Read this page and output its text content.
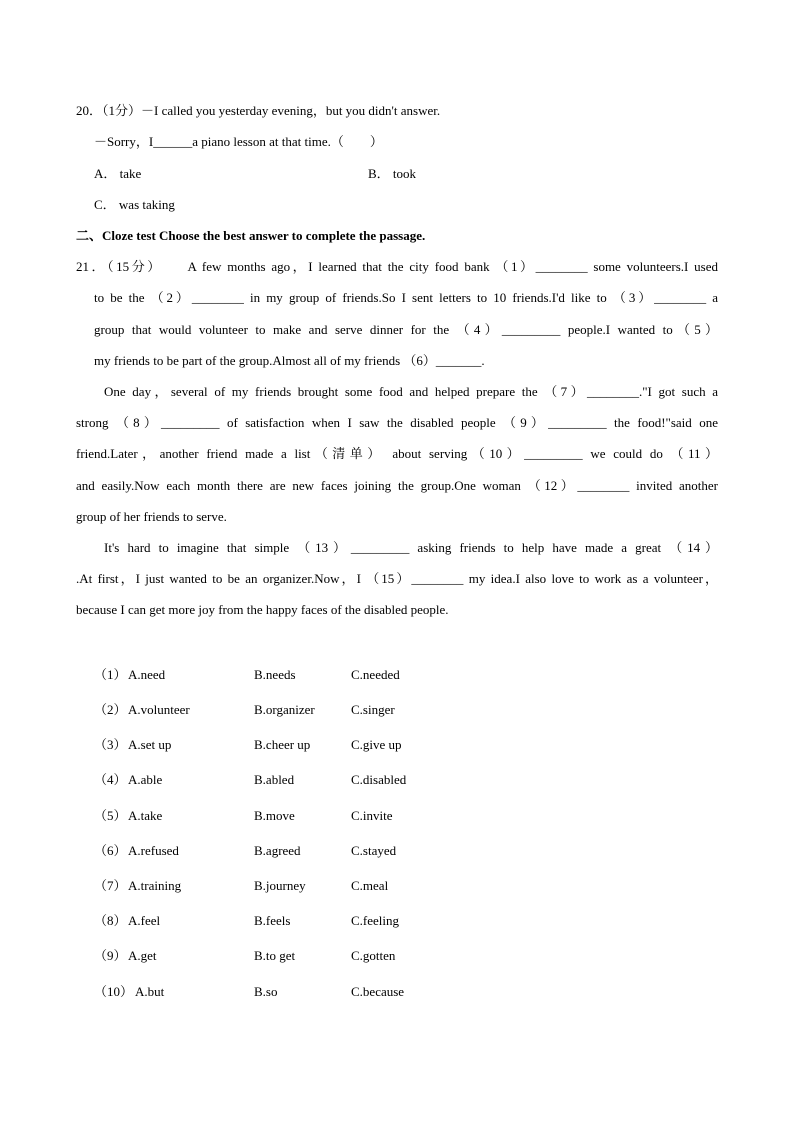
20．（1分）－I called you yesterday evening，but you didn't answer.
－Sorry，I______a piano lesson at that time.（　　）
A． take	B． took
C． was taking
二、Cloze test Choose the best answer to complete the passage.
21．（15分）　　A few months ago，I learned that the city food bank （1）________ some volunteers.I used
to be the （2）________ in my group of friends.So I sent letters to 10 friends.I'd like to （3）________ a
group that would volunteer to make and serve dinner for the （4）_________ people.I wanted to（5）
my friends to be part of the group.Almost all of my friends （6）_______.
One day，several of my friends brought some food and helped prepare the （7）________."I got such a
strong （8）_________ of satisfaction when I saw the disabled people （9）_________ the food!"said one
friend.Later，another friend made a list（清单） about serving（10）_________ we could do （11）
and easily.Now each month there are new faces joining the group.One woman （12）________ invited another
group of her friends to serve.
It's hard to imagine that simple （13）_________ asking friends to help have made a great （14）
.At first，I just wanted to be an organizer.Now，I （15）________ my idea.I also love to work as a volunteer，
because I can get more joy from the happy faces of the disabled people.
（1） A.need	B.needs	C.needed
（2） A.volunteer	B.organizer	C.singer
（3） A.set up	B.cheer up	C.give up
（4） A.able	B.abled	C.disabled
（5） A.take	B.move	C.invite
（6） A.refused	B.agreed	C.stayed
（7） A.training	B.journey	C.meal
（8） A.feel	B.feels	C.feeling
（9） A.get	B.to get	C.gotten
（10） A.but	B.so	C.because
